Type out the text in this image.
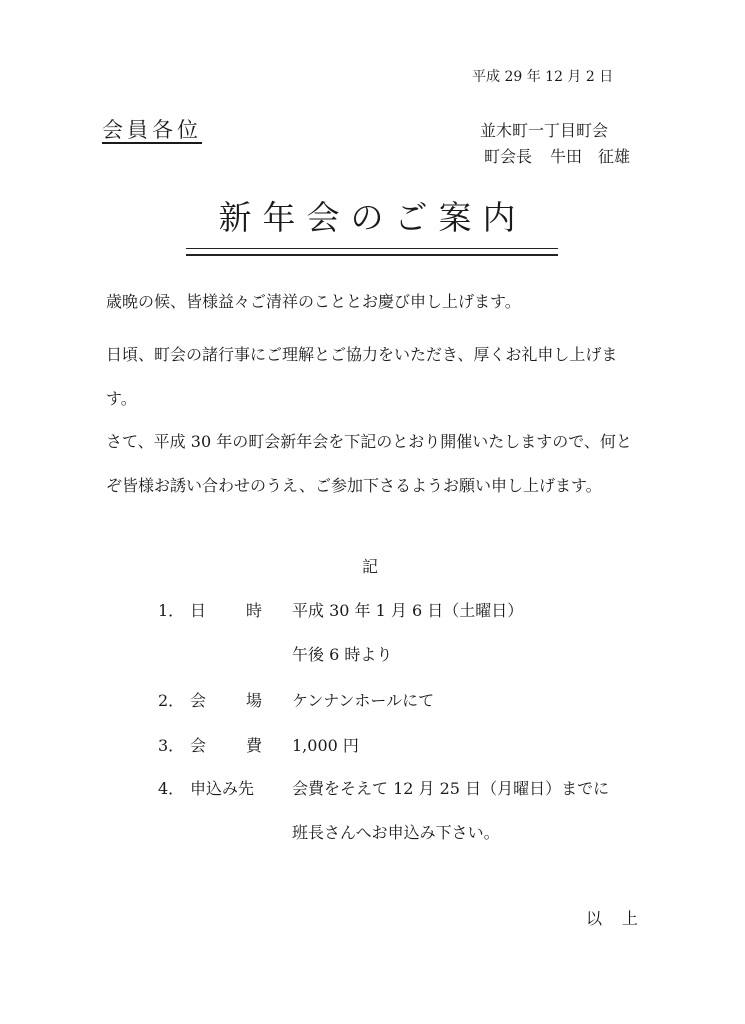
平成 29 年 12 月 2 日
会員各位	並木町一丁目町会
町会長 牛田　征雄
新年会のご案内
歳晩の候、皆様益々ご清祥のこととお慶び申し上げます。
日頃、町会の諸行事にご理解とご協力をいただき、厚くお礼申し上げます。
さて、平成 30 年の町会新年会を下記のとおり開催いたしますので、何とぞ皆様お誘い合わせのうえ、ご参加下さるようお願い申し上げます。
記
1． 日 時 平成 30 年 1 月 6 日（土曜日）
午後 6 時より
2． 会 場 ケンナンホールにて
3． 会 費 1,000 円
4． 申込み先 会費をそえて 12 月 25 日（月曜日）までに
班長さんへお申込み下さい。
以上
